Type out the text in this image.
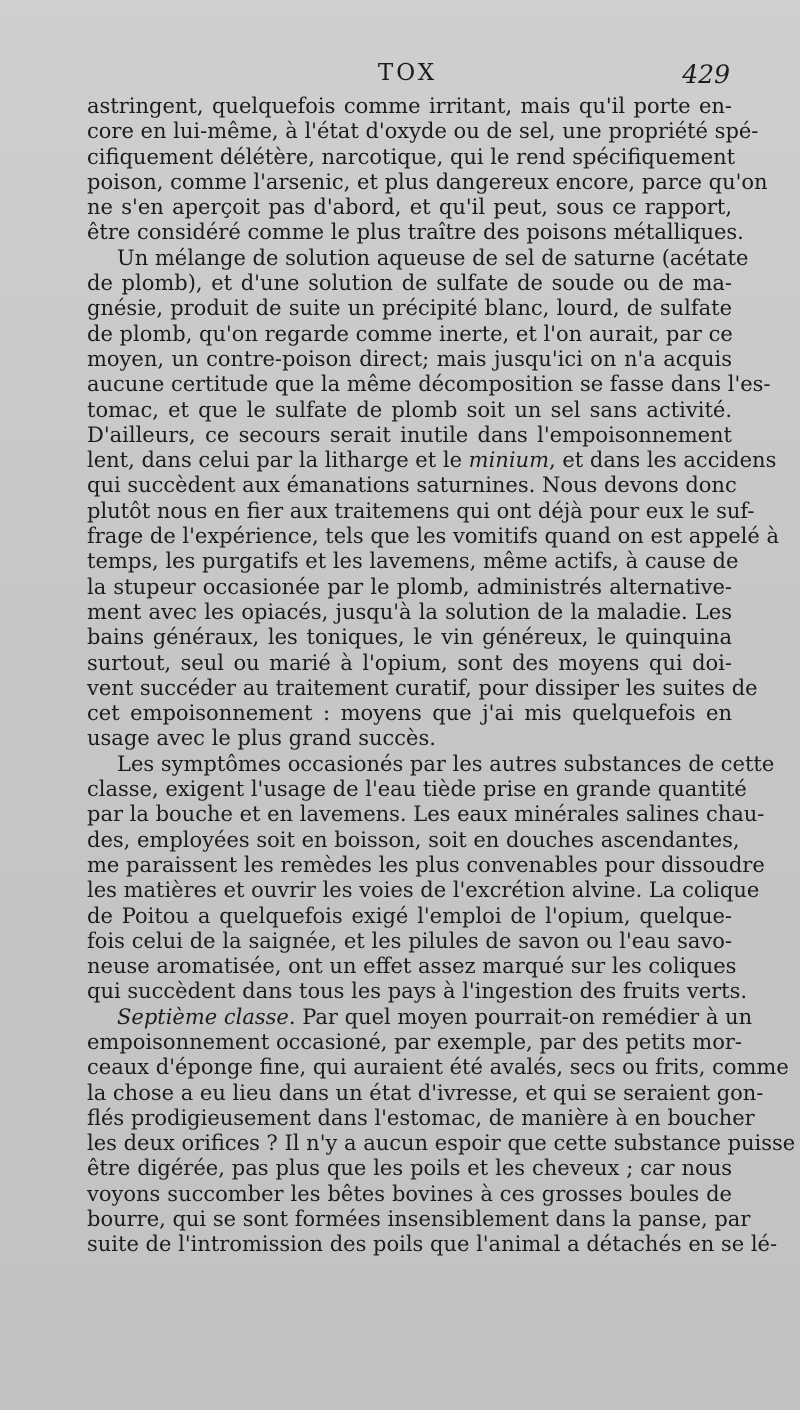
TOX	429
astringent, quelquefois comme irritant, mais qu'il porte en-
core en lui-même, à l'état d'oxyde ou de sel, une propriété spé-
cifiquement délétère, narcotique, qui le rend spécifiquement
poison, comme l'arsenic, et plus dangereux encore, parce qu'on
ne s'en aperçoit pas d'abord, et qu'il peut, sous ce rapport,
être considéré comme le plus traître des poisons métalliques.
Un mélange de solution aqueuse de sel de saturne (acétate
de plomb), et d'une solution de sulfate de soude ou de ma-
gnésie, produit de suite un précipité blanc, lourd, de sulfate
de plomb, qu'on regarde comme inerte, et l'on aurait, par ce
moyen, un contre-poison direct; mais jusqu'ici on n'a acquis
aucune certitude que la même décomposition se fasse dans l'es-
tomac, et que le sulfate de plomb soit un sel sans activité.
D'ailleurs, ce secours serait inutile dans l'empoisonnement
lent, dans celui par la litharge et le minium, et dans les accidens
qui succèdent aux émanations saturnines. Nous devons donc
plutôt nous en fier aux traitemens qui ont déjà pour eux le suf-
frage de l'expérience, tels que les vomitifs quand on est appelé à
temps, les purgatifs et les lavemens, même actifs, à cause de
la stupeur occasionée par le plomb, administrés alternative-
ment avec les opiacés, jusqu'à la solution de la maladie. Les
bains généraux, les toniques, le vin généreux, le quinquina
surtout, seul ou marié à l'opium, sont des moyens qui doi-
vent succéder au traitement curatif, pour dissiper les suites de
cet empoisonnement : moyens que j'ai mis quelquefois en
usage avec le plus grand succès.
Les symptômes occasionés par les autres substances de cette
classe, exigent l'usage de l'eau tiède prise en grande quantité
par la bouche et en lavemens. Les eaux minérales salines chau-
des, employées soit en boisson, soit en douches ascendantes,
me paraissent les remèdes les plus convenables pour dissoudre
les matières et ouvrir les voies de l'excrétion alvine. La colique
de Poitou a quelquefois exigé l'emploi de l'opium, quelque-
fois celui de la saignée, et les pilules de savon ou l'eau savo-
neuse aromatisée, ont un effet assez marqué sur les coliques
qui succèdent dans tous les pays à l'ingestion des fruits verts.
Septième classe. Par quel moyen pourrait-on remédier à un
empoisonnement occasioné, par exemple, par des petits mor-
ceaux d'éponge fine, qui auraient été avalés, secs ou frits, comme
la chose a eu lieu dans un état d'ivresse, et qui se seraient gon-
flés prodigieusement dans l'estomac, de manière à en boucher
les deux orifices ? Il n'y a aucun espoir que cette substance puisse
être digérée, pas plus que les poils et les cheveux ; car nous
voyons succomber les bêtes bovines à ces grosses boules de
bourre, qui se sont formées insensiblement dans la panse, par
suite de l'intromission des poils que l'animal a détachés en se lé-
